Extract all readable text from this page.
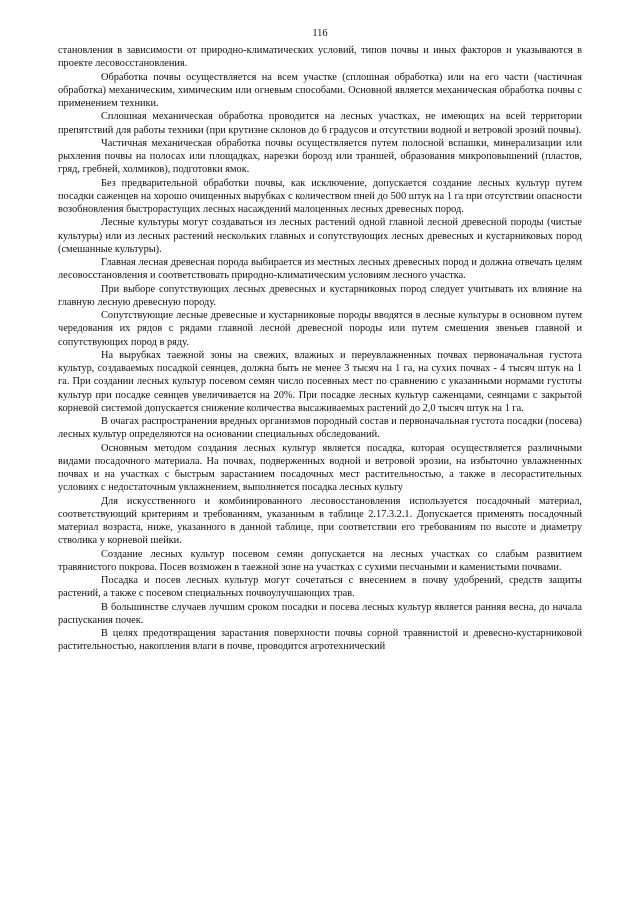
116

становления в зависимости от природно-климатических условий, типов почвы и иных факторов и указываются в проекте лесовосстановления.

Обработка почвы осуществляется на всем участке (сплошная обработка) или на его части (частичная обработка) механическим, химическим или огневым способами. Основной является механическая обработка почвы с применением техники.

Сплошная механическая обработка проводится на лесных участках, не имеющих на всей территории препятствий для работы техники (при крутизне склонов до 6 градусов и отсутствии водной и ветровой эрозий почвы).

Частичная механическая обработка почвы осуществляется путем полосной вспашки, минерализации или рыхления почвы на полосах или площадках, нарезки борозд или траншей, образования микроповышений (пластов, гряд, гребней, холмиков), подготовки ямок.

Без предварительной обработки почвы, как исключение, допускается создание лесных культур путем посадки саженцев на хорошо очищенных вырубках с количеством пней до 500 штук на 1 га при отсутствии опасности возобновления быстрорастущих лесных насаждений малоценных лесных древесных пород.

Лесные культуры могут создаваться из лесных растений одной главной лесной древесной породы (чистые культуры) или из лесных растений нескольких главных и сопутствующих лесных древесных и кустарниковых пород (смешанные культуры).

Главная лесная древесная порода выбирается из местных лесных древесных пород и должна отвечать целям лесовосстановления и соответствовать природно-климатическим условиям лесного участка.

При выборе сопутствующих лесных древесных и кустарниковых пород следует учитывать их влияние на главную лесную древесную породу.

Сопутствующие лесные древесные и кустарниковые породы вводятся в лесные культуры в основном путем чередования их рядов с рядами главной лесной древесной породы или путем смешения звеньев главной и сопутствующих пород в ряду.

На вырубках таежной зоны на свежих, влажных и переувлажненных почвах первоначальная густота культур, создаваемых посадкой сеянцев, должна быть не менее 3 тысяч на 1 га, на сухих почвах - 4 тысяч штук на 1 га. При создании лесных культур посевом семян число посевных мест по сравнению с указанными нормами густоты культур при посадке сеянцев увеличивается на 20%. При посадке лесных культур саженцами, сеянцами с закрытой корневой системой допускается снижение количества высаживаемых растений до 2,0 тысяч штук на 1 га.

В очагах распространения вредных организмов породный состав и первоначальная густота посадки (посева) лесных культур определяются на основании специальных обследований.

Основным методом создания лесных культур является посадка, которая осуществляется различными видами посадочного материала. На почвах, подверженных водной и ветровой эрозии, на избыточно увлажненных почвах и на участках с быстрым зарастанием посадочных мест растительностью, а также в лесорастительных условиях с недостаточным увлажнением, выполняется посадка лесных культу

Для искусственного и комбинированного лесовосстановления используется посадочный материал, соответствующий критериям и требованиям, указанным в таблице 2.17.3.2.1. Допускается применять посадочный материал возраста, ниже, указанного в данной таблице, при соответствии его требованиям по высоте и диаметру стволика у корневой шейки.

Создание лесных культур посевом семян допускается на лесных участках со слабым развитием травянистого покрова. Посев возможен в таежной зоне на участках с сухими песчаными и каменистыми почвами.

Посадка и посев лесных культур могут сочетаться с внесением в почву удобрений, средств защиты растений, а также с посевом специальных почвоулучшающих трав.

В большинстве случаев лучшим сроком посадки и посева лесных культур является ранняя весна, до начала распускания почек.

В целях предотвращения зарастания поверхности почвы сорной травянистой и древесно-кустарниковой растительностью, накопления влаги в почве, проводится агротехнический
